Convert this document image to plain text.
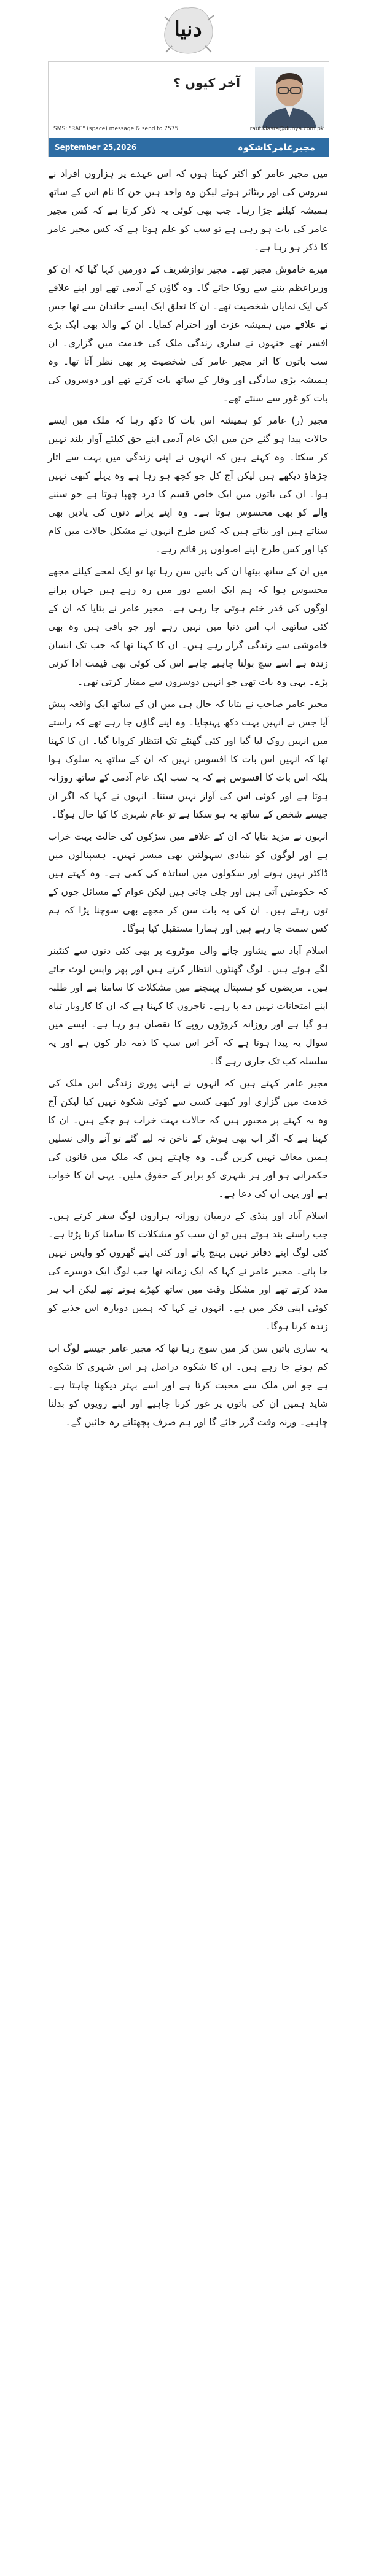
دنیا
آخر کیوں ؟
SMS: "RAC" (space) message & send to 7575	rauf.klasra@dunya.com.pk
September 25,2026	مجیرعامرکاشکوہ

میں مجیر عامر کو اکثر کہتا ہوں کہ اس عہدے پر ہزاروں افراد نے سروس کی اور ریٹائر ہوئے لیکن وہ واحد ہیں جن کا نام اس کے ساتھ ہمیشہ کیلئے جڑا رہا۔ جب بھی کوئی یہ ذکر کرتا ہے کہ کس مجیر عامر کی بات ہو رہی ہے تو سب کو علم ہوتا ہے کہ کس مجیر عامر کا ذکر ہو رہا ہے۔

میرے خاموش مجیر تھے۔ مجیر نوازشریف کے دورمیں کہا گیا کہ ان کو وزیراعظم بننے سے روکا جائے گا۔ وہ گاؤں کے آدمی تھے اور اپنے علاقے کی ایک نمایاں شخصیت تھے۔ ان کا تعلق ایک ایسے خاندان سے تھا جس نے علاقے میں ہمیشہ عزت اور احترام کمایا۔ ان کے والد بھی ایک بڑے افسر تھے جنہوں نے ساری زندگی ملک کی خدمت میں گزاری۔ ان سب باتوں کا اثر مجیر عامر کی شخصیت پر بھی نظر آتا تھا۔ وہ ہمیشہ بڑی سادگی اور وقار کے ساتھ بات کرتے تھے اور دوسروں کی بات کو غور سے سنتے تھے۔

مجیر (ر) عامر کو ہمیشہ اس بات کا دکھ رہا کہ ملک میں ایسے حالات پیدا ہو گئے جن میں ایک عام آدمی اپنے حق کیلئے آواز بلند نہیں کر سکتا۔ وہ کہتے ہیں کہ انہوں نے اپنی زندگی میں بہت سے اتار چڑھاؤ دیکھے ہیں لیکن آج کل جو کچھ ہو رہا ہے وہ پہلے کبھی نہیں ہوا۔ ان کی باتوں میں ایک خاص قسم کا درد چھپا ہوتا ہے جو سننے والے کو بھی محسوس ہوتا ہے۔ وہ اپنے پرانے دنوں کی یادیں بھی سناتے ہیں اور بتاتے ہیں کہ کس طرح انہوں نے مشکل حالات میں کام کیا اور کس طرح اپنے اصولوں پر قائم رہے۔

میں ان کے ساتھ بیٹھا ان کی باتیں سن رہا تھا تو ایک لمحے کیلئے مجھے محسوس ہوا کہ ہم ایک ایسے دور میں رہ رہے ہیں جہاں پرانے لوگوں کی قدر ختم ہوتی جا رہی ہے۔ مجیر عامر نے بتایا کہ ان کے کئی ساتھی اب اس دنیا میں نہیں رہے اور جو باقی ہیں وہ بھی خاموشی سے زندگی گزار رہے ہیں۔ ان کا کہنا تھا کہ جب تک انسان زندہ ہے اسے سچ بولنا چاہیے چاہے اس کی کوئی بھی قیمت ادا کرنی پڑے۔ یہی وہ بات تھی جو انہیں دوسروں سے ممتاز کرتی تھی۔

مجیر عامر صاحب نے بتایا کہ حال ہی میں ان کے ساتھ ایک واقعہ پیش آیا جس نے انہیں بہت دکھ پہنچایا۔ وہ اپنے گاؤں جا رہے تھے کہ راستے میں انہیں روک لیا گیا اور کئی گھنٹے تک انتظار کروایا گیا۔ ان کا کہنا تھا کہ انہیں اس بات کا افسوس نہیں کہ ان کے ساتھ یہ سلوک ہوا بلکہ اس بات کا افسوس ہے کہ یہ سب ایک عام آدمی کے ساتھ روزانہ ہوتا ہے اور کوئی اس کی آواز نہیں سنتا۔ انہوں نے کہا کہ اگر ان جیسے شخص کے ساتھ یہ ہو سکتا ہے تو عام شہری کا کیا حال ہوگا۔

انہوں نے مزید بتایا کہ ان کے علاقے میں سڑکوں کی حالت بہت خراب ہے اور لوگوں کو بنیادی سہولتیں بھی میسر نہیں۔ ہسپتالوں میں ڈاکٹر نہیں ہوتے اور سکولوں میں اساتذہ کی کمی ہے۔ وہ کہتے ہیں کہ حکومتیں آتی ہیں اور چلی جاتی ہیں لیکن عوام کے مسائل جوں کے توں رہتے ہیں۔ ان کی یہ بات سن کر مجھے بھی سوچنا پڑا کہ ہم کس سمت جا رہے ہیں اور ہمارا مستقبل کیا ہوگا۔

اسلام آباد سے پشاور جانے والی موٹروے پر بھی کئی دنوں سے کنٹینر لگے ہوئے ہیں۔ لوگ گھنٹوں انتظار کرتے ہیں اور پھر واپس لوٹ جاتے ہیں۔ مریضوں کو ہسپتال پہنچنے میں مشکلات کا سامنا ہے اور طلبہ اپنے امتحانات نہیں دے پا رہے۔ تاجروں کا کہنا ہے کہ ان کا کاروبار تباہ ہو گیا ہے اور روزانہ کروڑوں روپے کا نقصان ہو رہا ہے۔ ایسے میں سوال یہ پیدا ہوتا ہے کہ آخر اس سب کا ذمہ دار کون ہے اور یہ سلسلہ کب تک جاری رہے گا۔

مجیر عامر کہتے ہیں کہ انہوں نے اپنی پوری زندگی اس ملک کی خدمت میں گزاری اور کبھی کسی سے کوئی شکوہ نہیں کیا لیکن آج وہ یہ کہنے پر مجبور ہیں کہ حالات بہت خراب ہو چکے ہیں۔ ان کا کہنا ہے کہ اگر اب بھی ہوش کے ناخن نہ لیے گئے تو آنے والی نسلیں ہمیں معاف نہیں کریں گی۔ وہ چاہتے ہیں کہ ملک میں قانون کی حکمرانی ہو اور ہر شہری کو برابر کے حقوق ملیں۔ یہی ان کا خواب ہے اور یہی ان کی دعا ہے۔

اسلام آباد اور پنڈی کے درمیان روزانہ ہزاروں لوگ سفر کرتے ہیں۔ جب راستے بند ہوتے ہیں تو ان سب کو مشکلات کا سامنا کرنا پڑتا ہے۔ کئی لوگ اپنے دفاتر نہیں پہنچ پاتے اور کئی اپنے گھروں کو واپس نہیں جا پاتے۔ مجیر عامر نے کہا کہ ایک زمانہ تھا جب لوگ ایک دوسرے کی مدد کرتے تھے اور مشکل وقت میں ساتھ کھڑے ہوتے تھے لیکن اب ہر کوئی اپنی فکر میں ہے۔ انہوں نے کہا کہ ہمیں دوبارہ اس جذبے کو زندہ کرنا ہوگا۔

یہ ساری باتیں سن کر میں سوچ رہا تھا کہ مجیر عامر جیسے لوگ اب کم ہوتے جا رہے ہیں۔ ان کا شکوہ دراصل ہر اس شہری کا شکوہ ہے جو اس ملک سے محبت کرتا ہے اور اسے بہتر دیکھنا چاہتا ہے۔ شاید ہمیں ان کی باتوں پر غور کرنا چاہیے اور اپنے رویوں کو بدلنا چاہیے۔ ورنہ وقت گزر جائے گا اور ہم صرف پچھتاتے رہ جائیں گے۔
